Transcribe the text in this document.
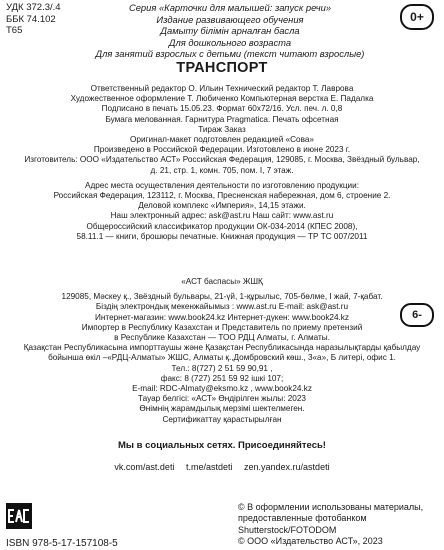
УДК 372.3/.4
ББК 74.102
Т65
Серия «Карточки для малышей: запуск речи»
Издание развивающего обучения
Дамыту білімін арналған басла
Для дошкольного возраста
Для занятий взрослых с детьми (текст читают взрослые)
0+
ТРАНСПОРТ
Ответственный редактор О. Ильин Технический редактор Т. Лаврова
Художественное оформление Т. Любиченко Компьютерная верстка Е. Падалка
Подписано в печать 15.05.23. Формат 60х72/16. Усл. печ. л. 0,8
Бумага мелованная. Гарнитура Pragmatica. Печать офсетная
Тираж Заказ
Оригинал-макет подготовлен редакцией «Сова»
Произведено в Российской Федерации. Изготовлено в июне 2023 г.
Изготовитель: ООО «Издательство АСТ» Российская Федерация, 129085, г. Москва, Звёздный бульвар,
д. 21, стр. 1, комн. 705, пом. I, 7 этаж.
Адрес места осуществления деятельности по изготовлению продукции:
Российская Федерация, 123112, г. Москва, Пресненская набережная, дом 6, строение 2.
Деловой комплекс «Империя», 14,15 этажи.
Наш электронный адрес: ask@ast.ru Наш сайт: www.ast.ru
Общероссийский классификатор продукции ОК-034-2014 (КПЕС 2008),
58.11.1 — книги, брошюры печатные. Книжная продукция — ТР ТС 007/2011
«АСТ баспасы» ЖШҚ
129085, Мәскеу қ., Звёздный бульвары, 21-үй, 1-құрылыс, 705-бөлме, I жай, 7-қабат.
Біздің электрондық мекенжайымыз : www.ast.ru E-mail: ask@ast.ru
Интернет-магазин: www.book24.kz Интернет-дүкен: www.book24.kz
Импортер в Республику Казахстан и Представитель по приему претензий
в Республике Казахстан — ТОО РДЦ Алматы, г. Алматы.
Қазақстан Республикасына импорттаушы және Қазақстан Республикасында наразылықтарды қабылдау
бойынша өкіл –«РДЦ-Алматы» ЖШС, Алматы қ.,Домбровский көш., 3«а», Б литері, офис 1.
Тел.: 8(727) 2 51 59 90,91 ,
факс: 8 (727) 251 59 92 ішкі 107;
E-mail: RDC-Almaty@eksmo.kz , www.book24.kz
Тауар белгісі: «АСТ» Өндірілген жылы: 2023
Өнімнің жарамдылық мерзімі шектелмеген.
Сертификаттау қарастырылған
6-
Мы в социальных сетях. Присоединяйтесь!
vk.com/ast.deti t.me/astdeti zen.yandex.ru/astdeti
ISBN 978-5-17-157108-5
© В оформлении использованы материалы,
предоставленные фотобанком
Shutterstock/FOTODOM
© ООО «Издательство АСТ», 2023
